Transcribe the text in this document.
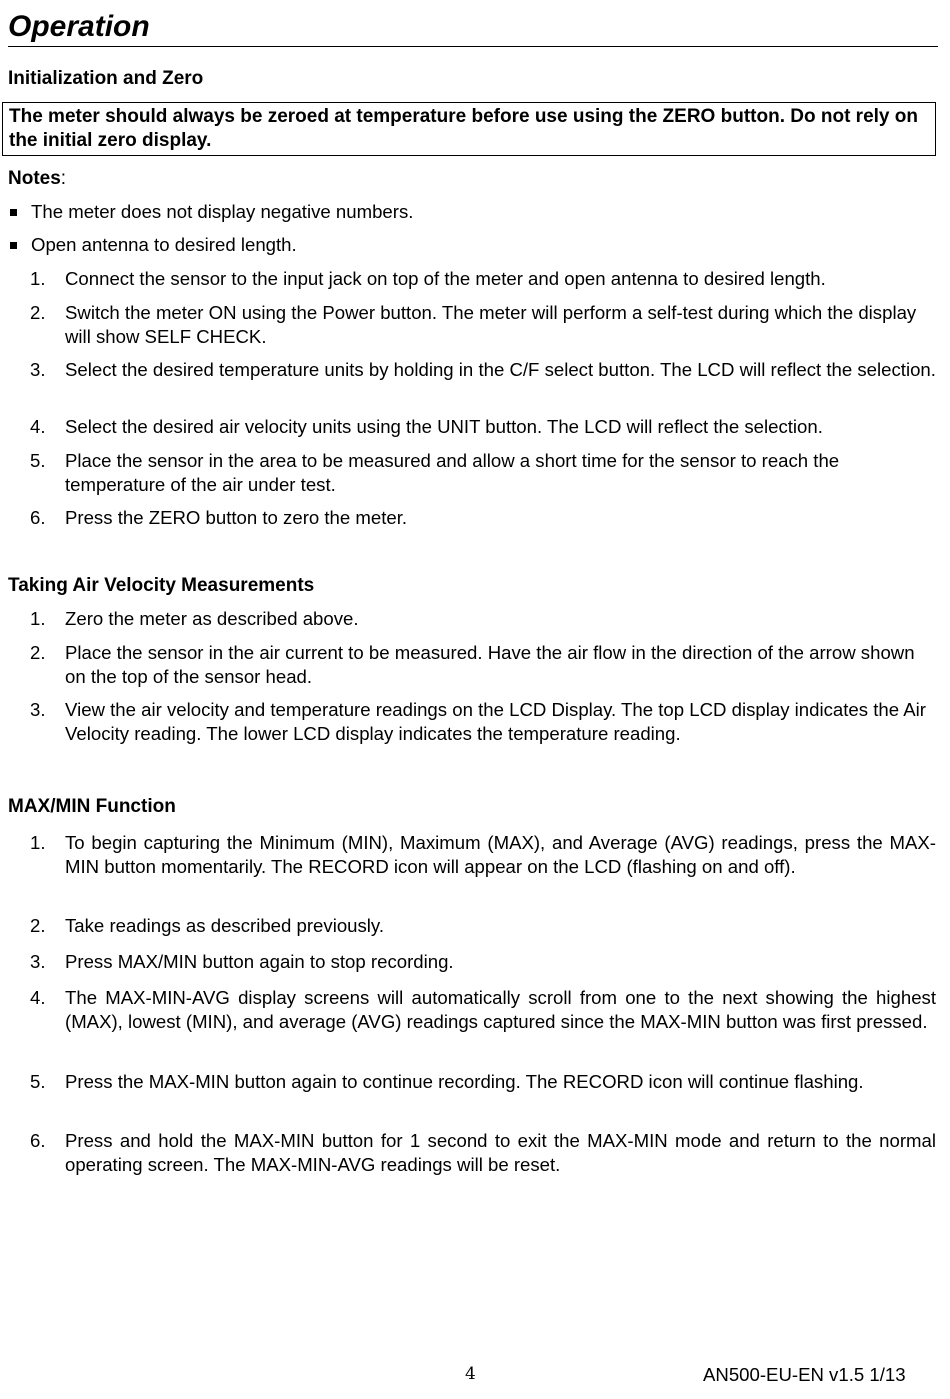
Operation
Initialization and Zero
The meter should always be zeroed at temperature before use using the ZERO button. Do not rely on the initial zero display.
Notes:
The meter does not display negative numbers.
Open antenna to desired length.
1. Connect the sensor to the input jack on top of the meter and open antenna to desired length.
2. Switch the meter ON using the Power button. The meter will perform a self-test during which the display will show SELF CHECK.
3. Select the desired temperature units by holding in the C/F select button. The LCD will reflect the selection.
4. Select the desired air velocity units using the UNIT button. The LCD will reflect the selection.
5. Place the sensor in the area to be measured and allow a short time for the sensor to reach the temperature of the air under test.
6. Press the ZERO button to zero the meter.
Taking Air Velocity Measurements
1. Zero the meter as described above.
2. Place the sensor in the air current to be measured. Have the air flow in the direction of the arrow shown on the top of the sensor head.
3. View the air velocity and temperature readings on the LCD Display. The top LCD display indicates the Air Velocity reading. The lower LCD display indicates the temperature reading.
MAX/MIN Function
1. To begin capturing the Minimum (MIN), Maximum (MAX), and Average (AVG) readings, press the MAX-MIN button momentarily. The RECORD icon will appear on the LCD (flashing on and off).
2. Take readings as described previously.
3. Press MAX/MIN button again to stop recording.
4. The MAX-MIN-AVG display screens will automatically scroll from one to the next showing the highest (MAX), lowest (MIN), and average (AVG) readings captured since the MAX-MIN button was first pressed.
5. Press the MAX-MIN button again to continue recording. The RECORD icon will continue flashing.
6. Press and hold the MAX-MIN button for 1 second to exit the MAX-MIN mode and return to the normal operating screen. The MAX-MIN-AVG readings will be reset.
4	AN500-EU-EN v1.5 1/13
